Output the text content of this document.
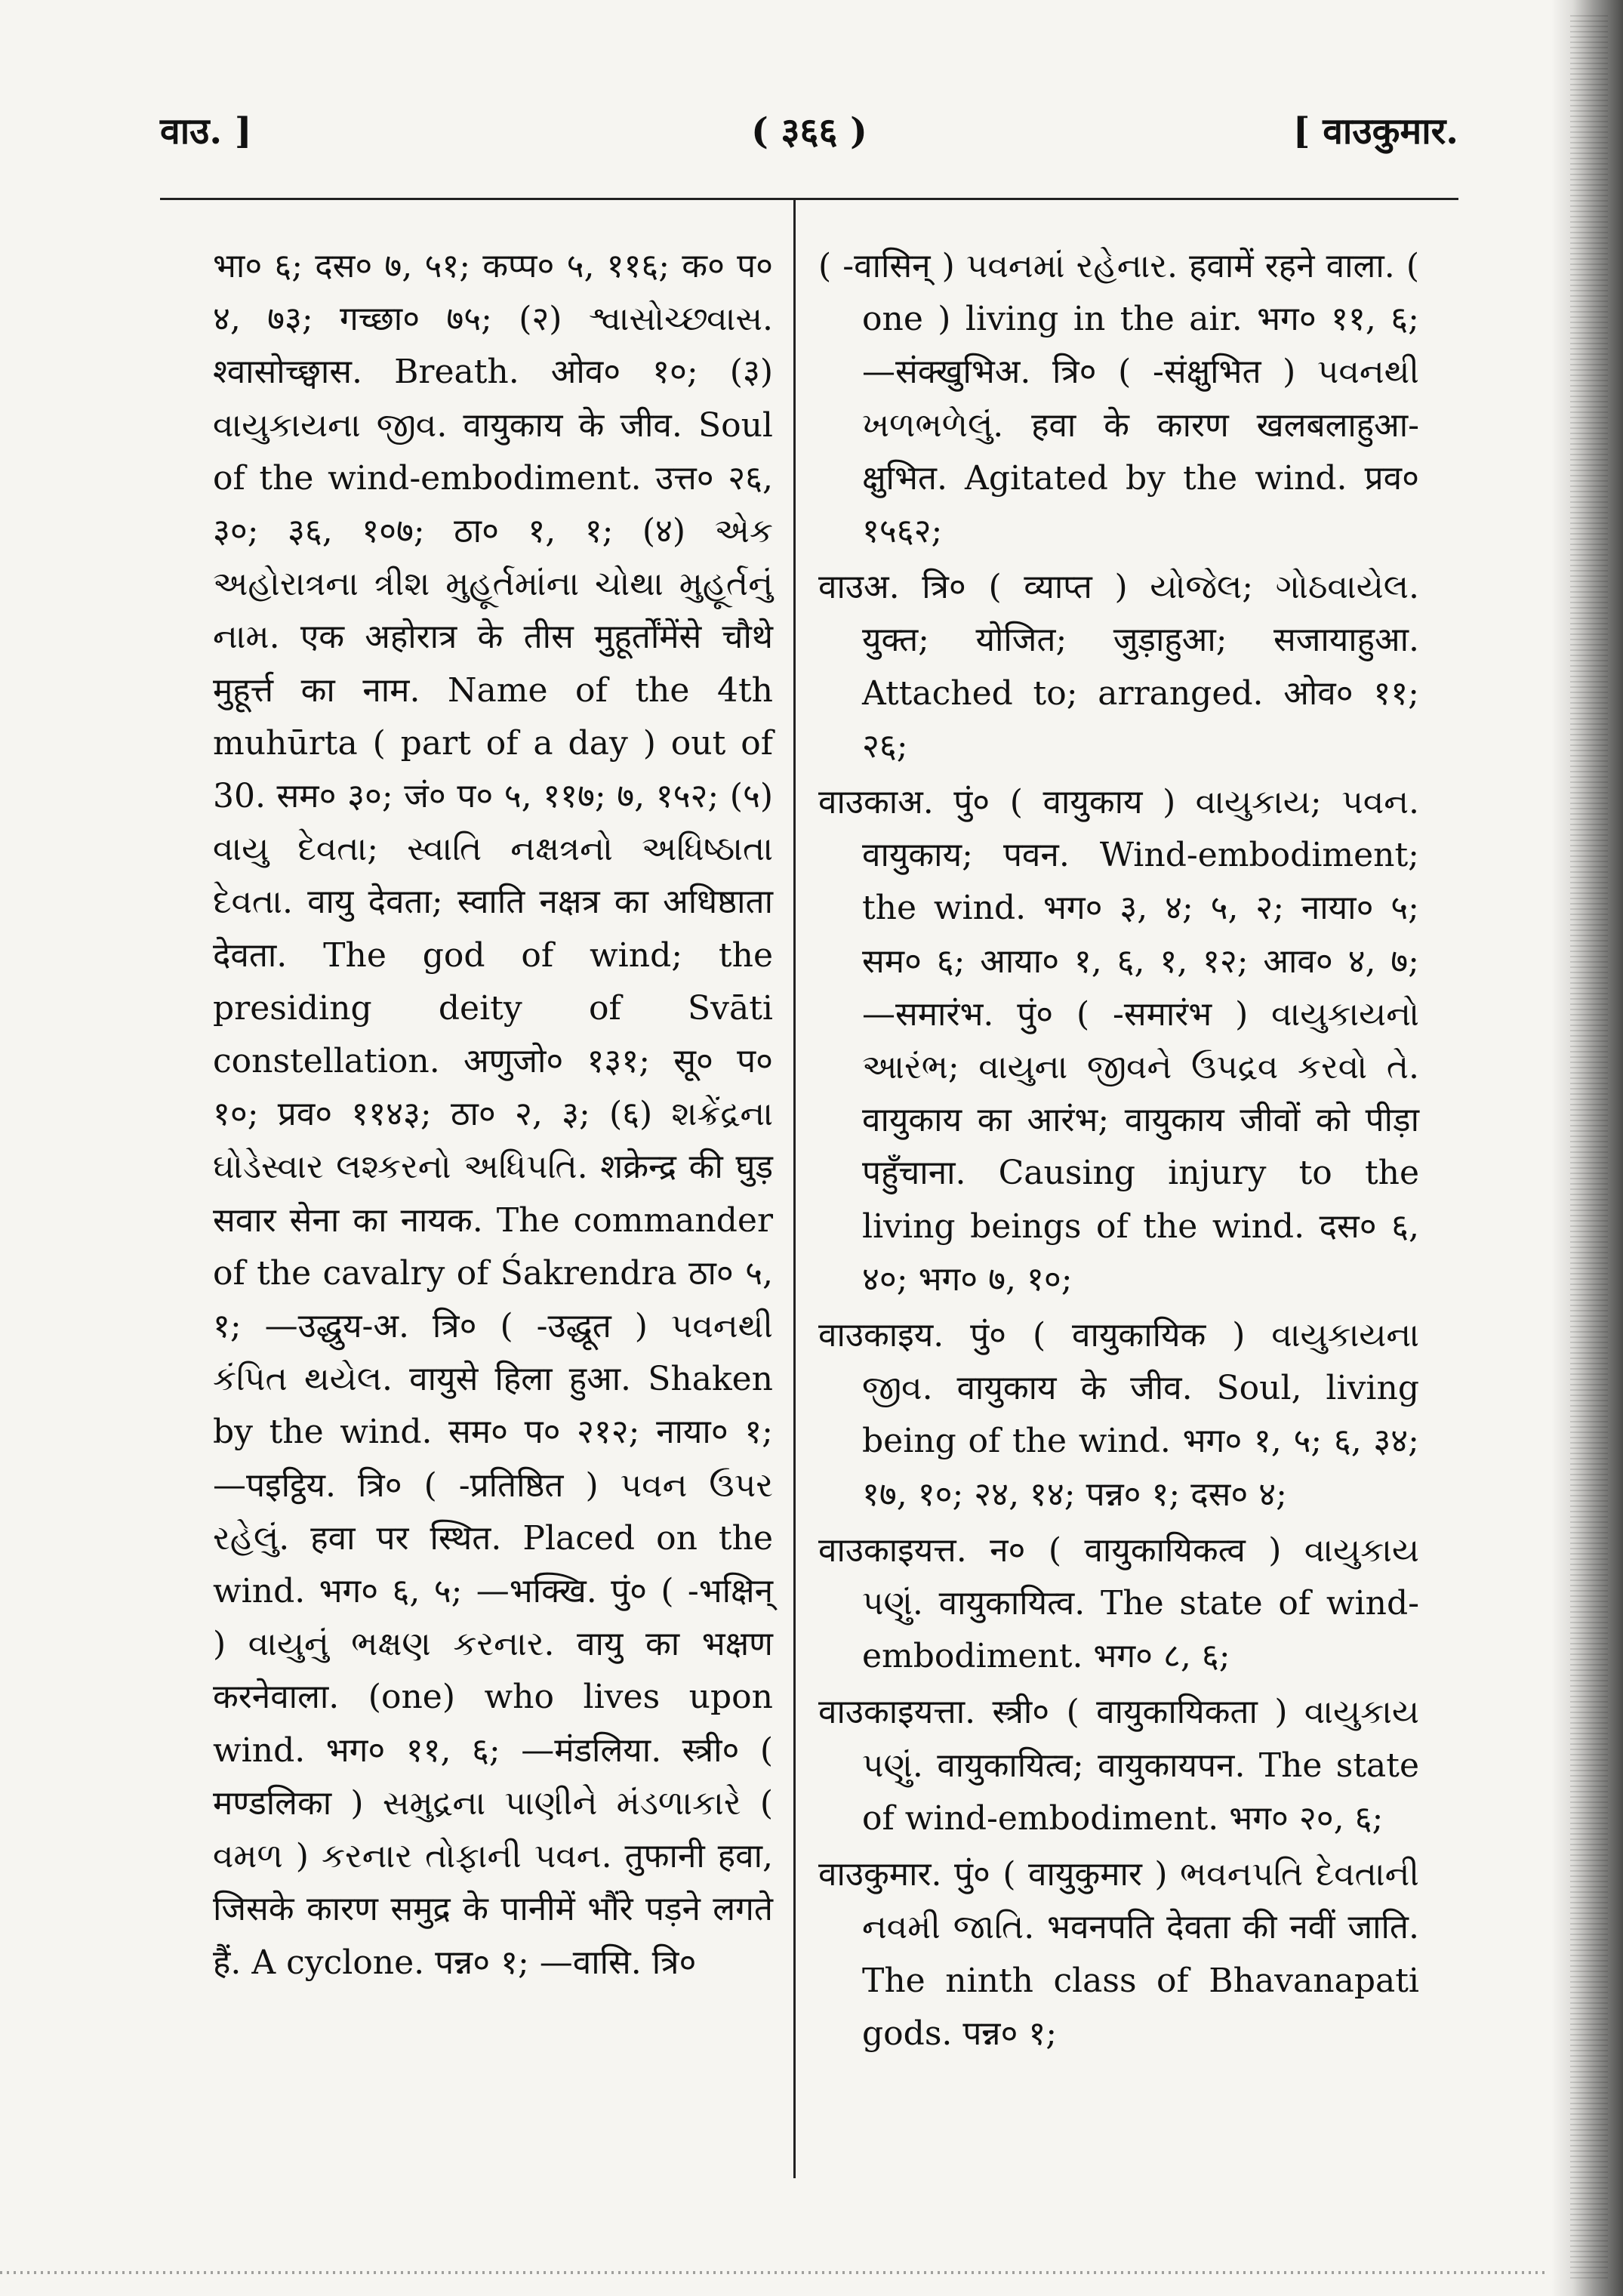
वाउ. ]	( ३६६ )	[ वाउकुमार.

भा० ६; दस० ७, ५१; कप्प० ५, ११६; क० प० ४, ७३; गच्छा० ७५; (२) શ્વાસોચ્છ્વાસ. श्वासोच्छ्वास. Breath. ओव० १०; (३) વાયુકાયના જીવ. वायुकाय के जीव. Soul of the wind-embodiment. उत्त० २६, ३०; ३६, १०७; ठा० १, १; (४) એક અહોરાત્રના ત્રીશ મુહૂર્તમાંના ચોથા મુહૂર્તનું નામ. एक अहोरात्र के तीस मुहूर्तोंमेंसे चौथे मुहूर्त्त का नाम. Name of the 4th muhūrta ( part of a day ) out of 30. सम० ३०; जं० प० ५, ११७; ७, १५२; (५) વાયુ દેવતા; સ્વાતિ નક્ષત્રનો અધિષ્ઠાતા દેવતા. वायु देवता; स्वाति नक्षत्र का अधिष्ठाता देवता. The god of wind; the presiding deity of Svāti constellation. अणुजो० १३१; सू० प० १०; प्रव० ११४३; ठा० २, ३; (६) શક્રેંદ્રના ઘોડેસ્વાર લશ્કરનો અધિપતિ. शक्रेन्द्र की घुड़ सवार सेना का नायक. The commander of the cavalry of Śakrendra ठा० ५, १; —उद्धुय-अ. त्रि० ( -उद्धूत ) પવનથી કંપિત થયેલ. वायुसे हिला हुआ. Shaken by the wind. सम० प० २१२; नाया० १; —पइट्ठिय. त्रि० ( -प्रतिष्ठित ) પવન ઉપર રહેલું. हवा पर स्थित. Placed on the wind. भग० ६, ५; —भक्खि. पुं० ( -भक्षिन् ) વાયુનું ભક્ષણ કરનાર. वायु का भक्षण करनेवाला. (one) who lives upon wind. भग० ११, ६; —मंडलिया. स्त्री० ( मण्डलिका ) સમુદ્રના પાણીને મંડળાકારે ( વમળ ) કરનાર તોફાની પવન. तुफानी हवा, जिसके कारण समुद्र के पानीमें भौंरे पड़ने लगते हैं. A cyclone. पन्न० १; —वासि. त्रि०

( -वासिन् ) પવનમાં રહેનાર. हवामें रहने वाला. ( one ) living in the air. भग० ११, ६; —संक्खुभिअ. त्रि० ( -संक्षुभित ) પવનથી ખળભળેલું. हवा के कारण खलबलाहुआ-क्षुभित. Agitated by the wind. प्रव० १५६२;

वाउअ. त्रि० ( व्याप्त ) યોજેલ; ગોઠવાયેલ. युक्त; योजित; जुड़ाहुआ; सजायाहुआ. Attached to; arranged. ओव० ११; २६;

वाउकाअ. पुं० ( वायुकाय ) વાયુકાય; પવન. वायुकाय; पवन. Wind-embodiment; the wind. भग० ३, ४; ५, २; नाया० ५; सम० ६; आया० १, ६, १, १२; आव० ४, ७; —समारंभ. पुं० ( -समारंभ ) વાયુકાયનો આરંભ; વાયુના જીવને ઉપદ્રવ કરવો તે. वायुकाय का आरंभ; वायुकाय जीवों को पीड़ा पहुँचाना. Causing injury to the living beings of the wind. दस० ६, ४०; भग० ७, १०;

वाउकाइय. पुं० ( वायुकायिक ) વાયુકાયના જીવ. वायुकाय के जीव. Soul, living being of the wind. भग० १, ५; ६, ३४; १७, १०; २४, १४; पन्न० १; दस० ४;

वाउकाइयत्त. न० ( वायुकायिकत्व ) વાયુકાય પણું. वायुकायित्व. The state of wind-embodiment. भग० ८, ६;

वाउकाइयत्ता. स्त्री० ( वायुकायिकता ) વાયુકાય પણું. वायुकायित्व; वायुकायपन. The state of wind-embodiment. भग० २०, ६;

वाउकुमार. पुं० ( वायुकुमार ) ભવનપતિ દેવતાની નવમી જાતિ. भवनपति देवता की नवीं जाति. The ninth class of Bhavanapati gods. पन्न० १;
